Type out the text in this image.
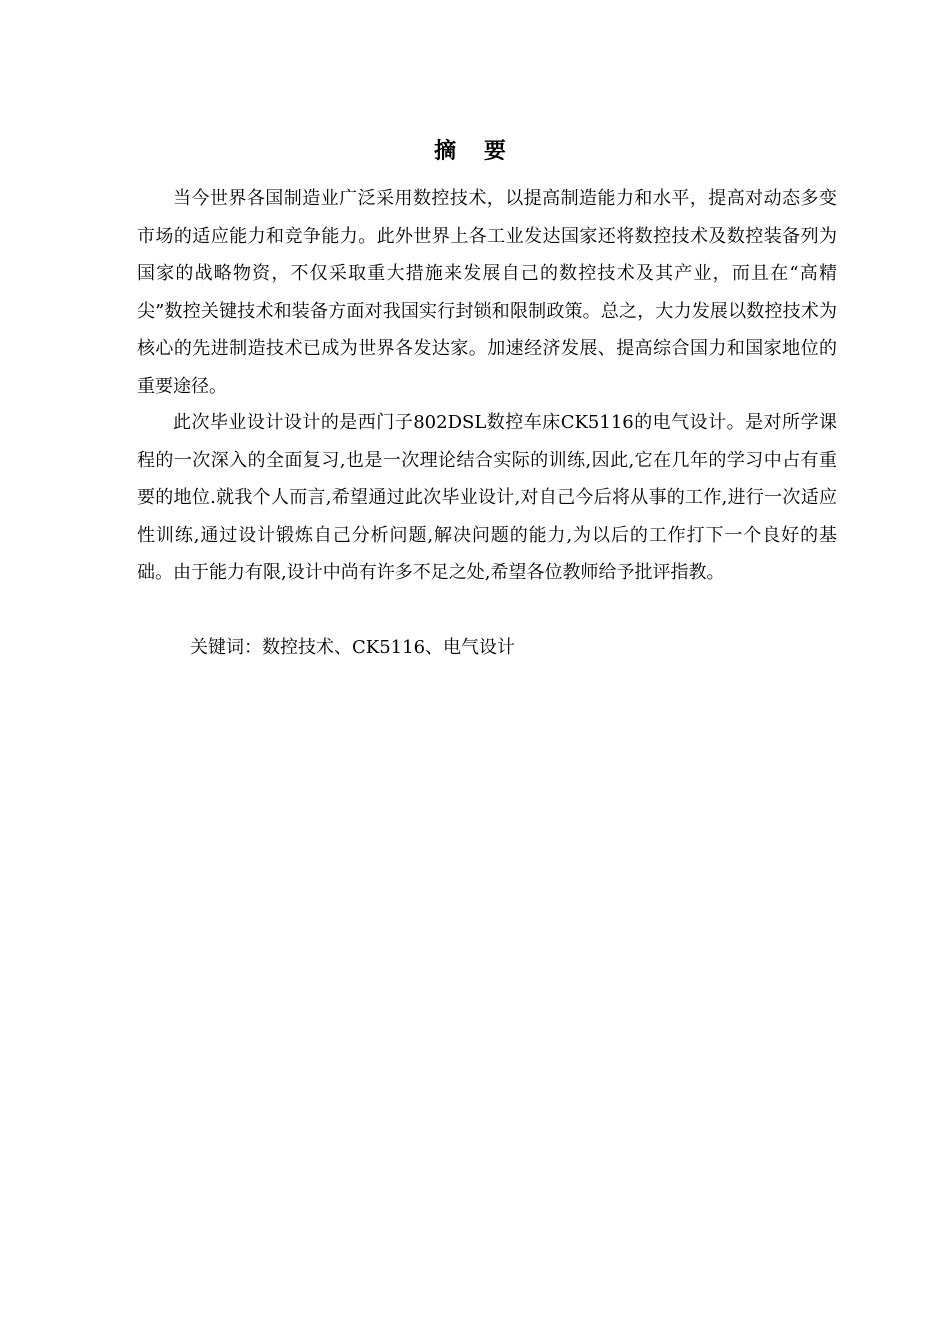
摘 要

当今世界各国制造业广泛采用数控技术，以提高制造能力和水平，提高对动态多变市场的适应能力和竞争能力。此外世界上各工业发达国家还将数控技术及数控装备列为国家的战略物资，不仅采取重大措施来发展自己的数控技术及其产业，而且在“高精尖”数控关键技术和装备方面对我国实行封锁和限制政策。总之，大力发展以数控技术为核心的先进制造技术已成为世界各发达家。加速经济发展、提高综合国力和国家地位的重要途径。

此次毕业设计设计的是西门子802DSL数控车床CK5116的电气设计。是对所学课程的一次深入的全面复习,也是一次理论结合实际的训练,因此,它在几年的学习中占有重要的地位.就我个人而言,希望通过此次毕业设计,对自己今后将从事的工作,进行一次适应性训练,通过设计锻炼自己分析问题,解决问题的能力,为以后的工作打下一个良好的基础。由于能力有限,设计中尚有许多不足之处,希望各位教师给予批评指教。

关键词：数控技术、CK5116、电气设计
